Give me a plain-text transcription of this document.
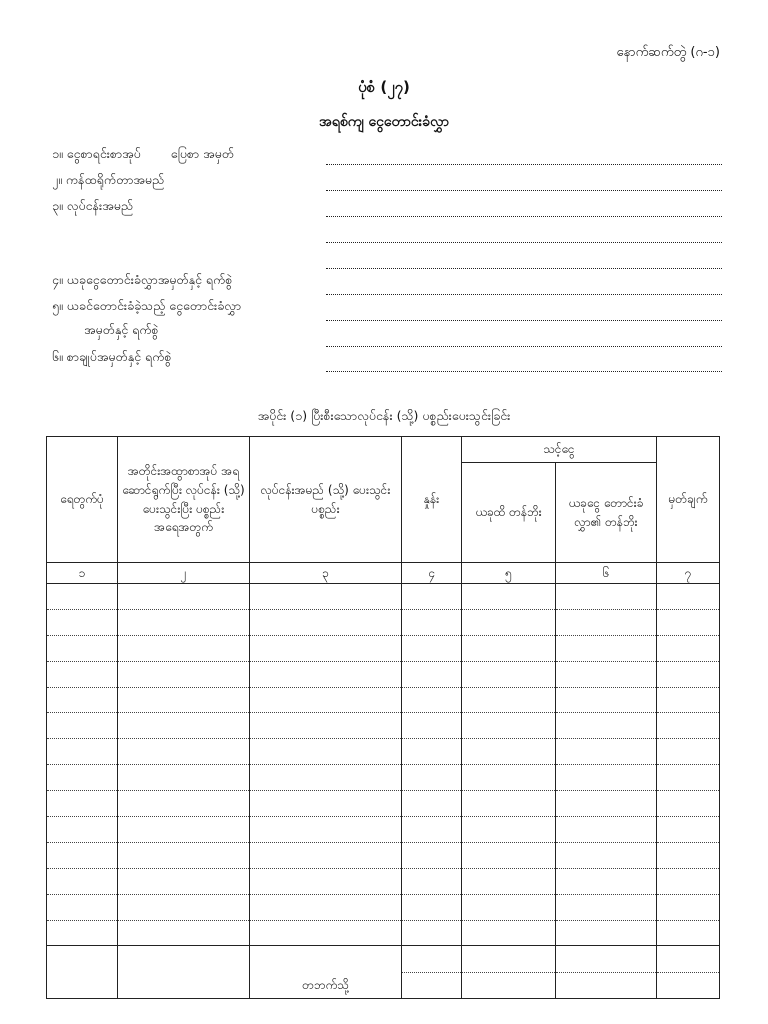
နောက်ဆက်တွဲ (ဂ-၁)
ပုံစံ (၂၇)
အရစ်ကျ ငွေတောင်းခံလွှာ
၁။ ငွေစာရင်းစာအုပ် ပြေစာ အမှတ်
၂။ ကန်ထရိုက်တာအမည်
၃။ လုပ်ငန်းအမည်
၄။ ယခုငွေတောင်းခံလွှာအမှတ်နှင့် ရက်စွဲ
၅။ ယခင်တောင်းခံခဲ့သည့် ငွေတောင်းခံလွှာ
အမှတ်နှင့် ရက်စွဲ
၆။ စာချုပ်အမှတ်နှင့် ရက်စွဲ
အပိုင်း (၁) ပြီးစီးသောလုပ်ငန်း (သို့) ပစ္စည်းပေးသွင်းခြင်း
ရေတွက်ပုံ	အတိုင်းအထွာစာအုပ် အရဆောင်ရွက်ပြီး လုပ်ငန်း (သို့) ပေးသွင်းပြီး ပစ္စည်းအရေအတွက်	လုပ်ငန်းအမည် (သို့) ပေးသွင်းပစ္စည်း	နှုန်း	သင့်ငွေ		မှတ်ချက်
				ယခုထိ တန်ဘိုး	ယခုငွေ တောင်းခံလွှာ၏ တန်ဘိုး	
၁	၂	၃	၄	၅	၆	၇

		တဘက်သို့				
